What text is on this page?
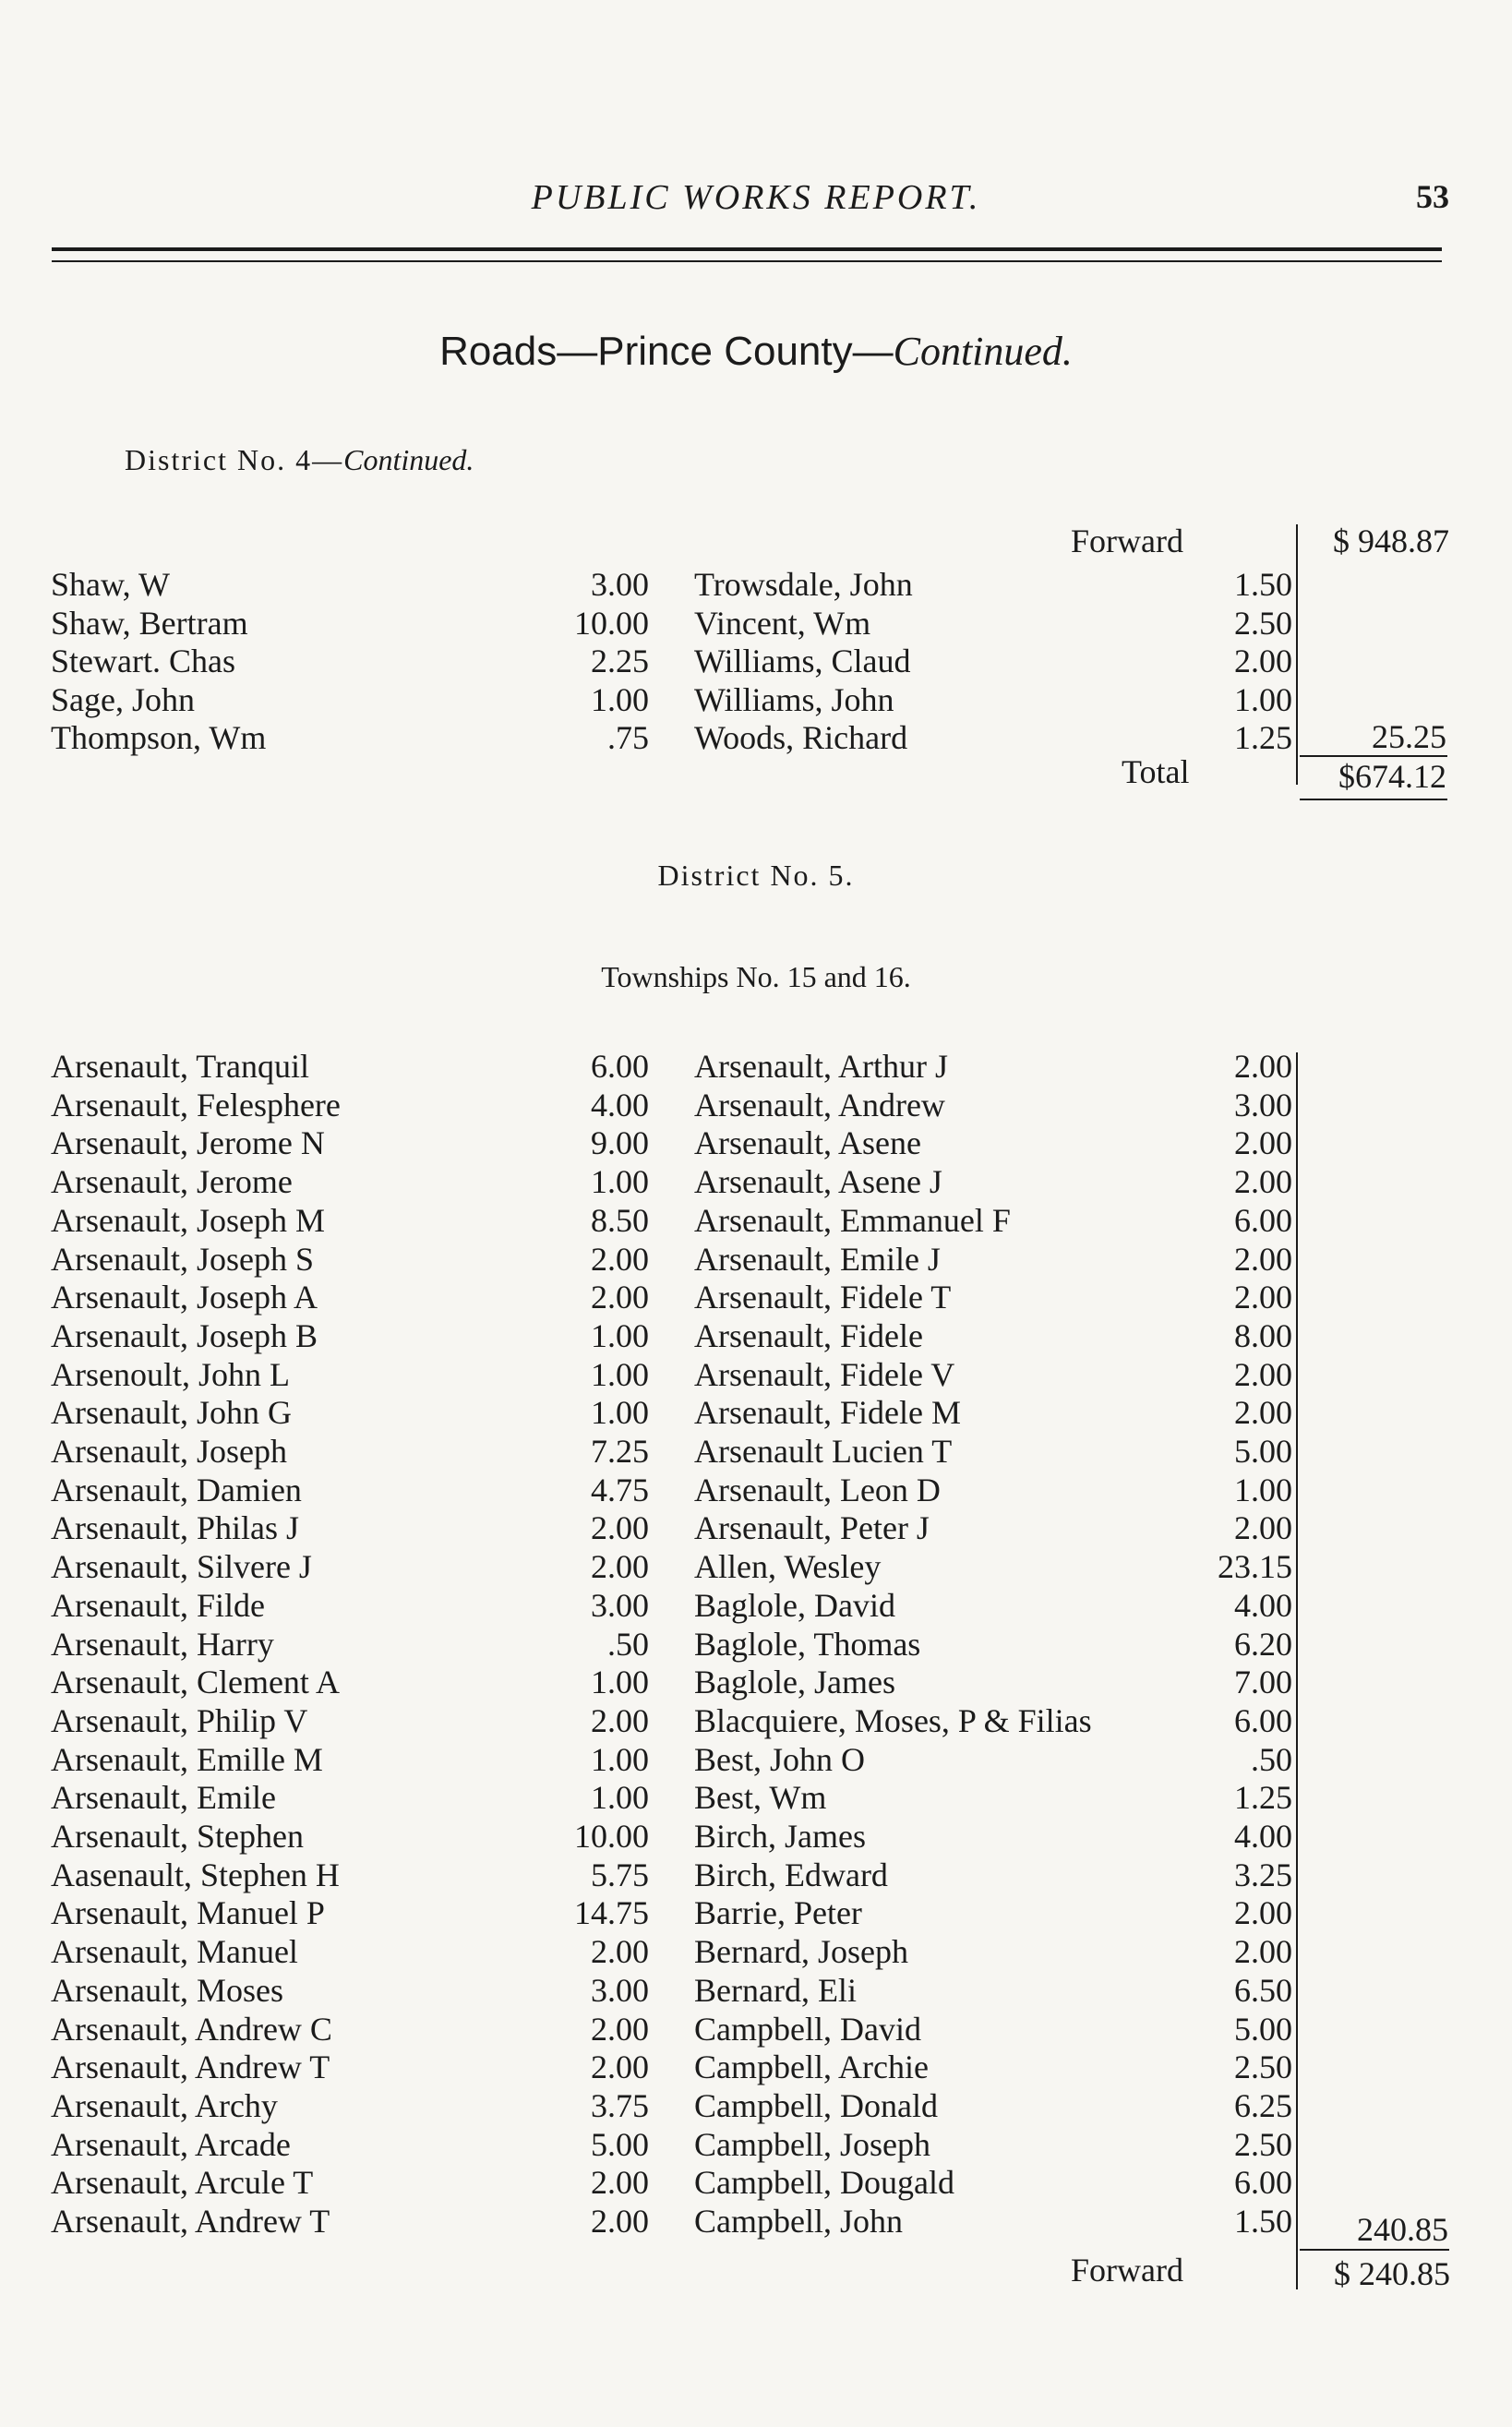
PUBLIC WORKS REPORT.	53
Roads—Prince County—Continued.
District No. 4—Continued.
Forward	$ 948.87
Shaw, W	3.00 Trowsdale, John	1.50
Shaw, Bertram	10.00 Vincent, Wm	2.50
Stewart. Chas	2.25 Williams, Claud	2.00
Sage, John	1.00 Williams, John	1.00
Thompson, Wm	.75 Woods, Richard	1.25	25.25
Total	$674.12
District No. 5.
Townships No. 15 and 16.
Arsenault, Tranquil	6.00 Arsenault, Arthur J	2.00
Arsenault, Felesphere	4.00 Arsenault, Andrew	3.00
Arsenault, Jerome N	9.00 Arsenault, Asene	2.00
Arsenault, Jerome	1.00 Arsenault, Asene J	2.00
Arsenault, Joseph M	8.50 Arsenault, Emmanuel F	6.00
Arsenault, Joseph S	2.00 Arsenault, Emile J	2.00
Arsenault, Joseph A	2.00 Arsenault, Fidele T	2.00
Arsenault, Joseph B	1.00 Arsenault, Fidele	8.00
Arsenoult, John L	1.00 Arsenault, Fidele V	2.00
Arsenault, John G	1.00 Arsenault, Fidele M	2.00
Arsenault, Joseph	7.25 Arsenault Lucien T	5.00
Arsenault, Damien	4.75 Arsenault, Leon D	1.00
Arsenault, Philas J	2.00 Arsenault, Peter J	2.00
Arsenault, Silvere J	2.00 Allen, Wesley	23.15
Arsenault, Filde	3.00 Baglole, David	4.00
Arsenault, Harry	.50 Baglole, Thomas	6.20
Arsenault, Clement A	1.00 Baglole, James	7.00
Arsenault, Philip V	2.00 Blacquiere, Moses, P & Filias	6.00
Arsenault, Emille M	1.00 Best, John O	.50
Arsenault, Emile	1.00 Best, Wm	1.25
Arsenault, Stephen	10.00 Birch, James	4.00
Aasenault, Stephen H	5.75 Birch, Edward	3.25
Arsenault, Manuel P	14.75 Barrie, Peter	2.00
Arsenault, Manuel	2.00 Bernard, Joseph	2.00
Arsenault, Moses	3.00 Bernard, Eli	6.50
Arsenault, Andrew C	2.00 Campbell, David	5.00
Arsenault, Andrew T	2.00 Campbell, Archie	2.50
Arsenault, Archy	3.75 Campbell, Donald	6.25
Arsenault, Arcade	5.00 Campbell, Joseph	2.50
Arsenault, Arcule T	2.00 Campbell, Dougald	6.00
Arsenault, Andrew T	2.00 Campbell, John	1.50	240.85
Forward	$ 240.85
